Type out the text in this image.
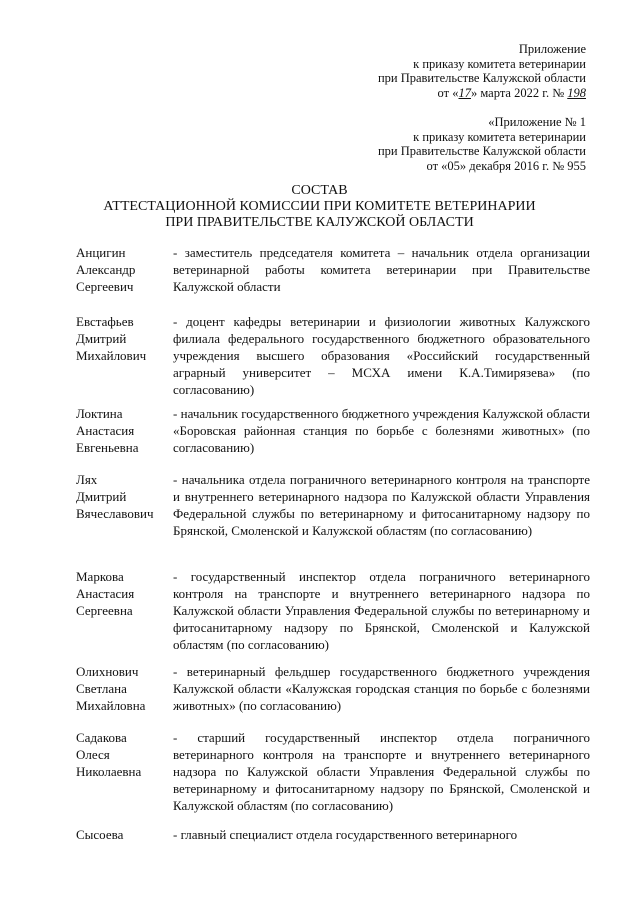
Приложение
к приказу комитета ветеринарии
при Правительстве Калужской области
от «17» марта 2022 г. № 198
«Приложение № 1
к приказу комитета ветеринарии
при Правительстве Калужской области
от «05» декабря 2016 г. № 955
СОСТАВ
АТТЕСТАЦИОННОЙ КОМИССИИ ПРИ КОМИТЕТЕ ВЕТЕРИНАРИИ
ПРИ ПРАВИТЕЛЬСТВЕ КАЛУЖСКОЙ ОБЛАСТИ
Анцигин
Александр
Сергеевич
- заместитель председателя комитета – начальник отдела организации ветеринарной работы комитета ветеринарии при Правительстве Калужской области
Евстафьев
Дмитрий
Михайлович
- доцент кафедры ветеринарии и физиологии животных Калужского филиала федерального государственного бюджетного образовательного учреждения высшего образования «Российский государственный аграрный университет – МСХА имени К.А.Тимирязева» (по согласованию)
Локтина
Анастасия
Евгеньевна
- начальник государственного бюджетного учреждения Калужской области «Боровская районная станция по борьбе с болезнями животных» (по согласованию)
Лях
Дмитрий
Вячеславович
- начальника отдела пограничного ветеринарного контроля на транспорте и внутреннего ветеринарного надзора по Калужской области Управления Федеральной службы по ветеринарному и фитосанитарному надзору по Брянской, Смоленской и Калужской областям (по согласованию)
Маркова
Анастасия
Сергеевна
- государственный инспектор отдела пограничного ветеринарного контроля на транспорте и внутреннего ветеринарного надзора по Калужской области Управления Федеральной службы по ветеринарному и фитосанитарному надзору по Брянской, Смоленской и Калужской областям (по согласованию)
Олихнович
Светлана
Михайловна
- ветеринарный фельдшер государственного бюджетного учреждения Калужской области «Калужская городская станция по борьбе с болезнями животных» (по согласованию)
Садакова
Олеся
Николаевна
- старший государственный инспектор отдела пограничного ветеринарного контроля на транспорте и внутреннего ветеринарного надзора по Калужской области Управления Федеральной службы по ветеринарному и фитосанитарному надзору по Брянской, Смоленской и Калужской областям (по согласованию)
Сысоева	- главный специалист отдела государственного ветеринарного
